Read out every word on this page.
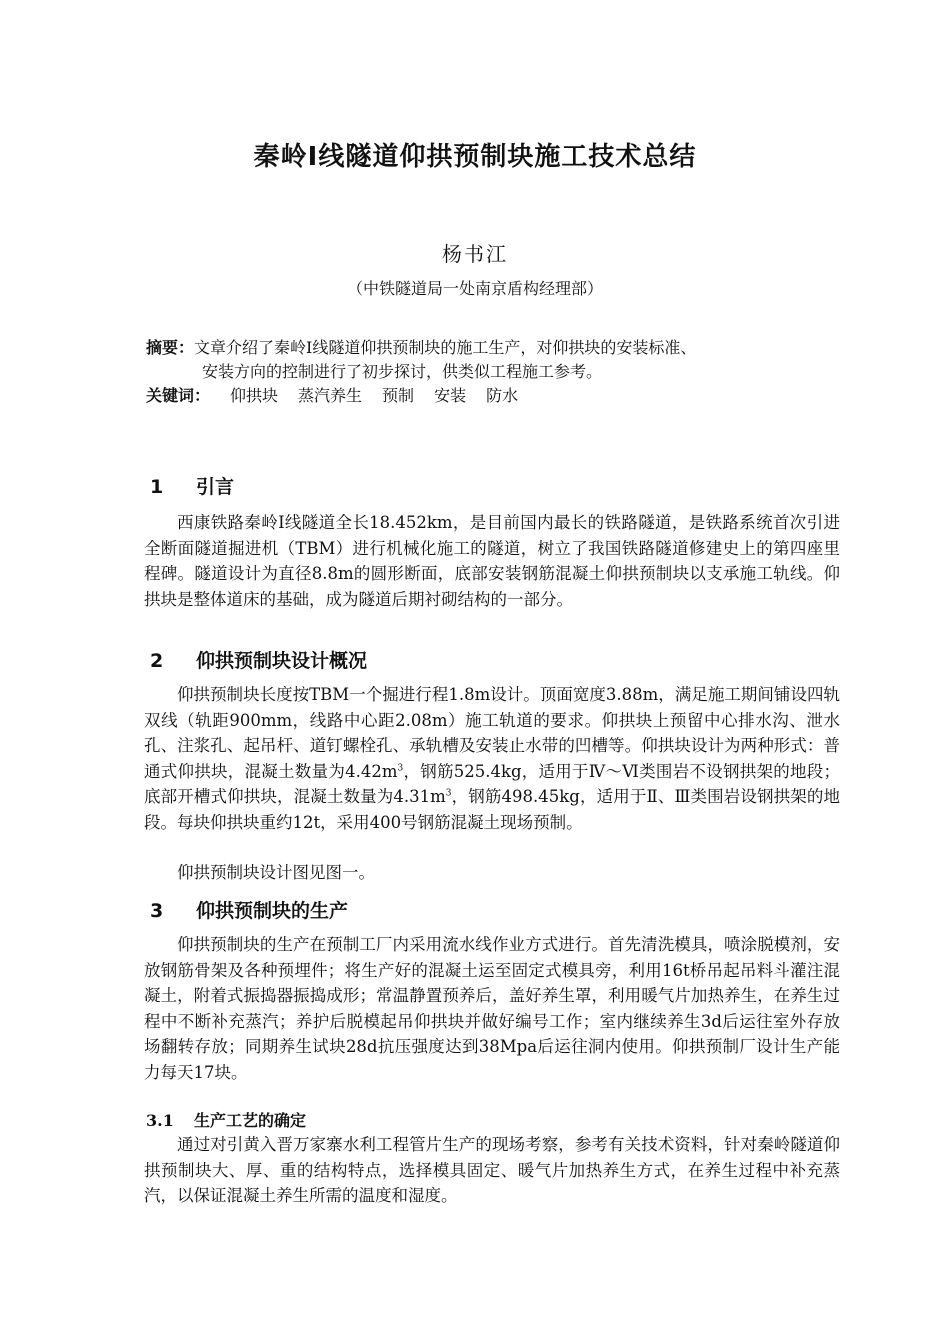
秦岭Ⅰ线隧道仰拱预制块施工技术总结
杨书江
（中铁隧道局一处南京盾构经理部）
摘要：文章介绍了秦岭Ⅰ线隧道仰拱预制块的施工生产，对仰拱块的安装标准、
安装方向的控制进行了初步探讨，供类似工程施工参考。
关键词： 仰拱块 蒸汽养生 预制 安装 防水
1 引言

西康铁路秦岭Ⅰ线隧道全长18.452km，是目前国内最长的铁路隧道，是铁路系统首次引进全断面隧道掘进机（TBM）进行机械化施工的隧道，树立了我国铁路隧道修建史上的第四座里程碑。隧道设计为直径8.8m的圆形断面，底部安装钢筋混凝土仰拱预制块以支承施工轨线。仰拱块是整体道床的基础，成为隧道后期衬砌结构的一部分。

2 仰拱预制块设计概况

仰拱预制块长度按TBM一个掘进行程1.8m设计。顶面宽度3.88m，满足施工期间铺设四轨双线（轨距900mm，线路中心距2.08m）施工轨道的要求。仰拱块上预留中心排水沟、泄水孔、注浆孔、起吊杆、道钉螺栓孔、承轨槽及安装止水带的凹槽等。仰拱块设计为两种形式：普通式仰拱块，混凝土数量为$4.42m^3$，钢筋525.4kg，适用于Ⅳ～Ⅵ类围岩不设钢拱架的地段；底部开槽式仰拱块，混凝土数量为$4.31m^3$，钢筋498.45kg，适用于Ⅱ、Ⅲ类围岩设钢拱架的地段。每块仰拱块重约12t，采用400号钢筋混凝土现场预制。

仰拱预制块设计图见图一。

3 仰拱预制块的生产

仰拱预制块的生产在预制工厂内采用流水线作业方式进行。首先清洗模具，喷涂脱模剂，安放钢筋骨架及各种预埋件；将生产好的混凝土运至固定式模具旁，利用16t桥吊起吊料斗灌注混凝土，附着式振捣器振捣成形；常温静置预养后，盖好养生罩，利用暖气片加热养生，在养生过程中不断补充蒸汽；养护后脱模起吊仰拱块并做好编号工作；室内继续养生3d后运往室外存放场翻转存放；同期养生试块28d抗压强度达到38Mpa后运往洞内使用。仰拱预制厂设计生产能力每天17块。

3.1 生产工艺的确定

通过对引黄入晋万家寨水利工程管片生产的现场考察，参考有关技术资料，针对秦岭隧道仰拱预制块大、厚、重的结构特点，选择模具固定、暖气片加热养生方式，在养生过程中补充蒸汽，以保证混凝土养生所需的温度和湿度。
